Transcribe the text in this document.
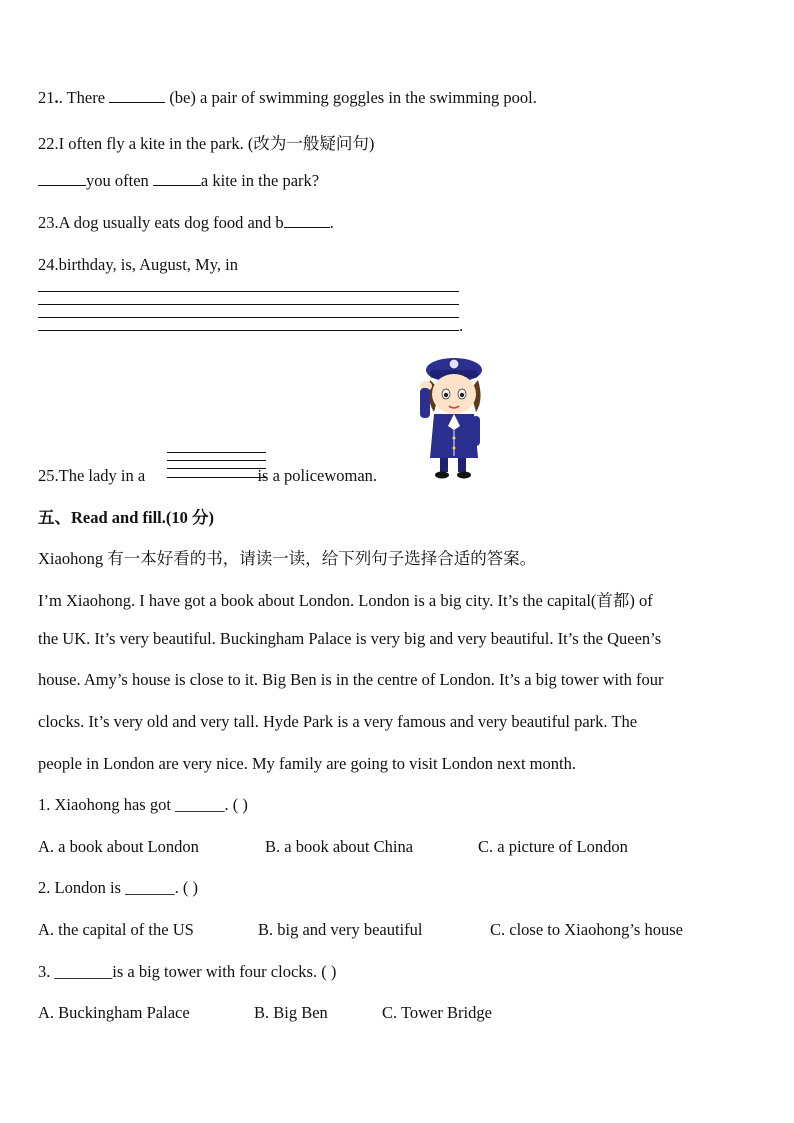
21.. There	(be) a pair of swimming goggles in the swimming pool.
22.I often fly a kite in the park. (改为一般疑问句)
you often	a kite in the park?
23.A dog usually eats dog food and b	.
24.birthday, is, August, My, in
.
25.The lady in a	is a policewoman.
五、Read and fill.(10 分)
Xiaohong 有一本好看的书，请读一读，给下列句子选择合适的答案。
I’m Xiaohong. I have got a book about London. London is a big city. It’s the capital(首都) of
the UK. It’s very beautiful. Buckingham Palace is very big and very beautiful. It’s the Queen’s
house. Amy’s house is close to it. Big Ben is in the centre of London. It’s a big tower with four
clocks. It’s very old and very tall. Hyde Park is a very famous and very beautiful park. The
people in London are very nice. My family are going to visit London next month.
1. Xiaohong has got ______. ( )
A. a book about London	B. a book about China	C. a picture of London
2. London is ______. ( )
A. the capital of the US	B. big and very beautiful	C. close to Xiaohong’s house
3. _______is a big tower with four clocks. ( )
A. Buckingham Palace	B. Big Ben	C. Tower Bridge
